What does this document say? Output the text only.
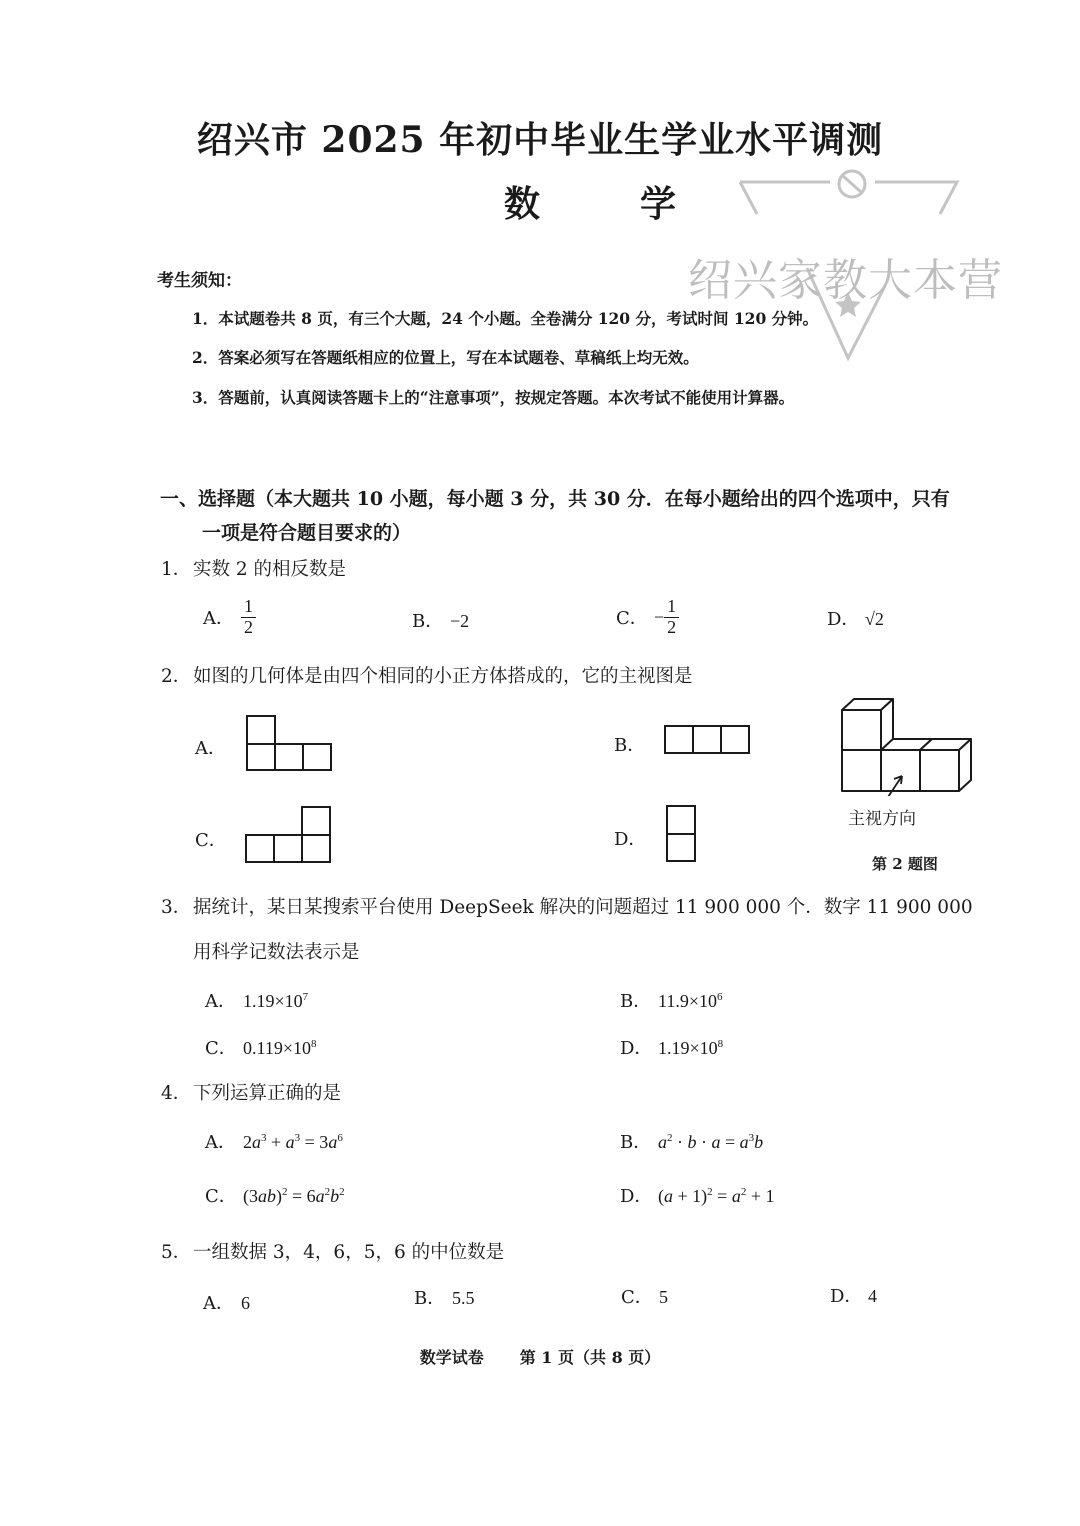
绍兴家教大本营
绍兴市 2025 年初中毕业生学业水平调测
数学
考生须知：
1．本试题卷共 8 页，有三个大题，24 个小题。全卷满分 120 分，考试时间 120 分钟。
2．答案必须写在答题纸相应的位置上，写在本试题卷、草稿纸上均无效。
3．答题前，认真阅读答题卡上的“注意事项”，按规定答题。本次考试不能使用计算器。
一、选择题（本大题共 10 小题，每小题 3 分，共 30 分．在每小题给出的四个选项中，只有
一项是符合题目要求的）
1．实数 2 的相反数是
A． $\frac{1}{2}$	B． −2	C． − $\frac{1}{2}$	D． √2
2．如图的几何体是由四个相同的小正方体搭成的，它的主视图是
A．	B．
C．	D．
主视方向
第 2 题图
3．据统计，某日某搜索平台使用 DeepSeek 解决的问题超过 11 900 000 个．数字 11 900 000
用科学记数法表示是
A． $1.19\times 10^7$	B． $11.9\times 10^6$
C． $0.119\times 10^8$	D． $1.19\times 10^8$
4．下列运算正确的是
A． $2a^3 + a^3 = 3a^6$	B． $a^2 \cdot b \cdot a = a^3b$
C． $(3ab)^2 = 6a^2b^2$	D． $(a + 1)^2 = a^2 + 1$
5．一组数据 3，4，6，5，6 的中位数是
A． 6	B． 5.5	C． 5	D． 4
数学试卷 第 1 页（共 8 页）
